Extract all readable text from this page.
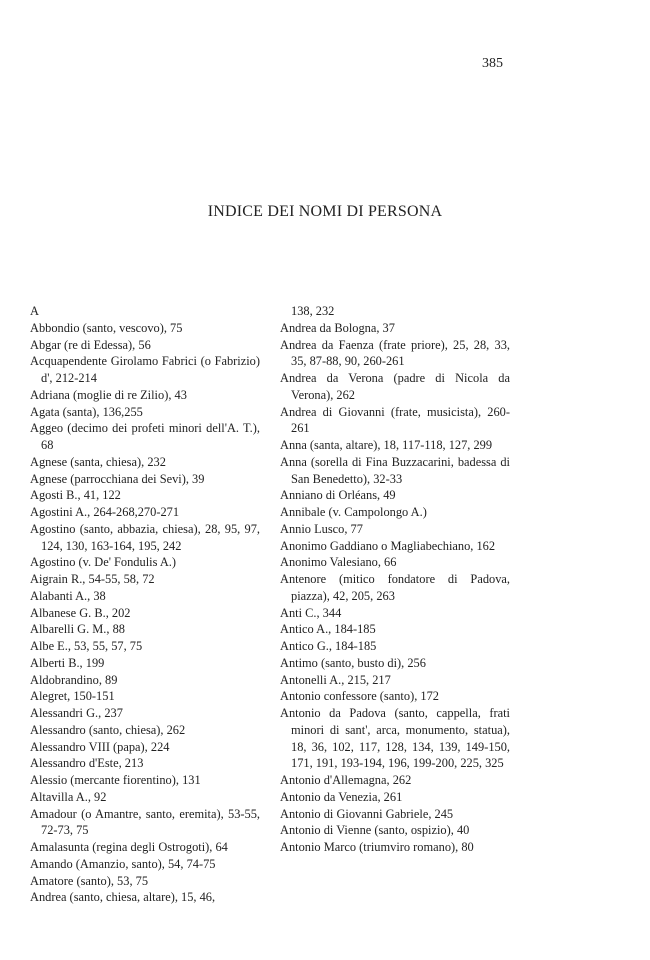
385
INDICE DEI NOMI DI PERSONA
A
Abbondio (santo, vescovo), 75
Abgar (re di Edessa), 56
Acquapendente Girolamo Fabrici (o Fabrizio) d', 212-214
Adriana (moglie di re Zilio), 43
Agata (santa), 136,255
Aggeo (decimo dei profeti minori dell'A. T.), 68
Agnese (santa, chiesa), 232
Agnese (parrocchiana dei Sevi), 39
Agosti B., 41, 122
Agostini A., 264-268,270-271
Agostino (santo, abbazia, chiesa), 28, 95, 97, 124, 130, 163-164, 195, 242
Agostino (v. De' Fondulis A.)
Aigrain R., 54-55, 58, 72
Alabanti A., 38
Albanese G. B., 202
Albarelli G. M., 88
Albe E., 53, 55, 57, 75
Alberti B., 199
Aldobrandino, 89
Alegret, 150-151
Alessandri G., 237
Alessandro (santo, chiesa), 262
Alessandro VIII (papa), 224
Alessandro d'Este, 213
Alessio (mercante fiorentino), 131
Altavilla A., 92
Amadour (o Amantre, santo, eremita), 53-55, 72-73, 75
Amalasunta (regina degli Ostrogoti), 64
Amando (Amanzio, santo), 54, 74-75
Amatore (santo), 53, 75
Andrea (santo, chiesa, altare), 15, 46,
138, 232
Andrea da Bologna, 37
Andrea da Faenza (frate priore), 25, 28, 33, 35, 87-88, 90, 260-261
Andrea da Verona (padre di Nicola da Verona), 262
Andrea di Giovanni (frate, musicista), 260-261
Anna (santa, altare), 18, 117-118, 127, 299
Anna (sorella di Fina Buzzacarini, badessa di San Benedetto), 32-33
Anniano di Orléans, 49
Annibale (v. Campolongo A.)
Annio Lusco, 77
Anonimo Gaddiano o Magliabechiano, 162
Anonimo Valesiano, 66
Antenore (mitico fondatore di Padova, piazza), 42, 205, 263
Anti C., 344
Antico A., 184-185
Antico G., 184-185
Antimo (santo, busto di), 256
Antonelli A., 215, 217
Antonio confessore (santo), 172
Antonio da Padova (santo, cappella, frati minori di sant', arca, monumento, statua), 18, 36, 102, 117, 128, 134, 139, 149-150, 171, 191, 193-194, 196, 199-200, 225, 325
Antonio d'Allemagna, 262
Antonio da Venezia, 261
Antonio di Giovanni Gabriele, 245
Antonio di Vienne (santo, ospizio), 40
Antonio Marco (triumviro romano), 80
